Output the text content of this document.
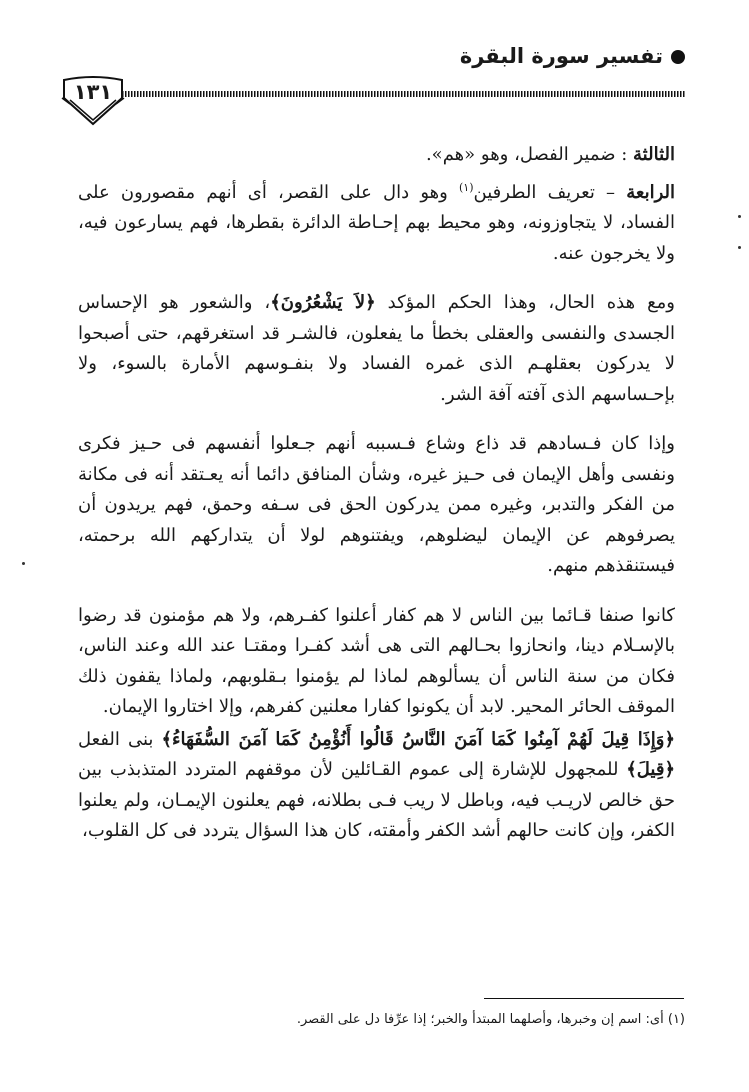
تفسير سورة البقرة
١٣١

الثالثة : ضمير الفصل، وهو «هم».

الرابعة – تعريف الطرفين$^{(١)}$ وهو دال على القصر، أى أنهم مقصورون على الفساد، لا يتجاوزونه، وهو محيط بهم إحـاطة الدائرة بقطرها، فهم يسارعون فيه، ولا يخرجون عنه.

ومع هذه الحال، وهذا الحكم المؤكد ﴿لاَ يَشْعُرُونَ﴾، والشعور هو الإحساس الجسدى والنفسى والعقلى بخطأ ما يفعلون، فالشـر قد استغرقهم، حتى أصبحوا لا يدركون بعقلهـم الذى غمره الفساد ولا بنفـوسهم الأمارة بالسوء، ولا بإحـساسهم الذى آفته آفة الشر.

وإذا كان فـسادهم قد ذاع وشاع فـسببه أنهم جـعلوا أنفسهم فى حـيز فكرى ونفسى وأهل الإيمان فى حـيز غيره، وشأن المنافق دائما أنه يعـتقد أنه فى مكانة من الفكر والتدبر، وغيره ممن يدركون الحق فى سـفه وحمق، فهم يريدون أن يصرفوهم عن الإيمان ليضلوهم، ويفتنوهم لولا أن يتداركهم الله برحمته، فيستنقذهم منهم.

كانوا صنفا قـائما بين الناس لا هم كفار أعلنوا كفـرهم، ولا هم مؤمنون قد رضوا بالإسـلام دينا، وانحازوا بحـالهم التى هى أشد كفـرا ومقتـا عند الله وعند الناس، فكان من سنة الناس أن يسألوهم لماذا لم يؤمنوا بـقلوبهم، ولماذا يقفون ذلك الموقف الحائر المحير. لابد أن يكونوا كفارا معلنين كفرهم، وإلا اختاروا الإيمان.

﴿وَإِذَا قِيلَ لَهُمْ آمِنُوا كَمَا آمَنَ النَّاسُ قَالُوا أَنُؤْمِنُ كَمَا آمَنَ السُّفَهَاءُ﴾ بنى الفعل ﴿قِيلَ﴾ للمجهول للإشارة إلى عموم القـائلين لأن موقفهم المتردد المتذبذب بين حق خالص لاريـب فيه، وباطل لا ريب فـى بطلانه، فهم يعلنون الإيمـان، ولم يعلنوا الكفر، وإن كانت حالهم أشد الكفر وأمقته، كان هذا السؤال يتردد فى كل القلوب،

(١) أى: اسم إن وخبرها، وأصلهما المبتدأ والخبر؛ إذا عرِّفا دل على القصر.
